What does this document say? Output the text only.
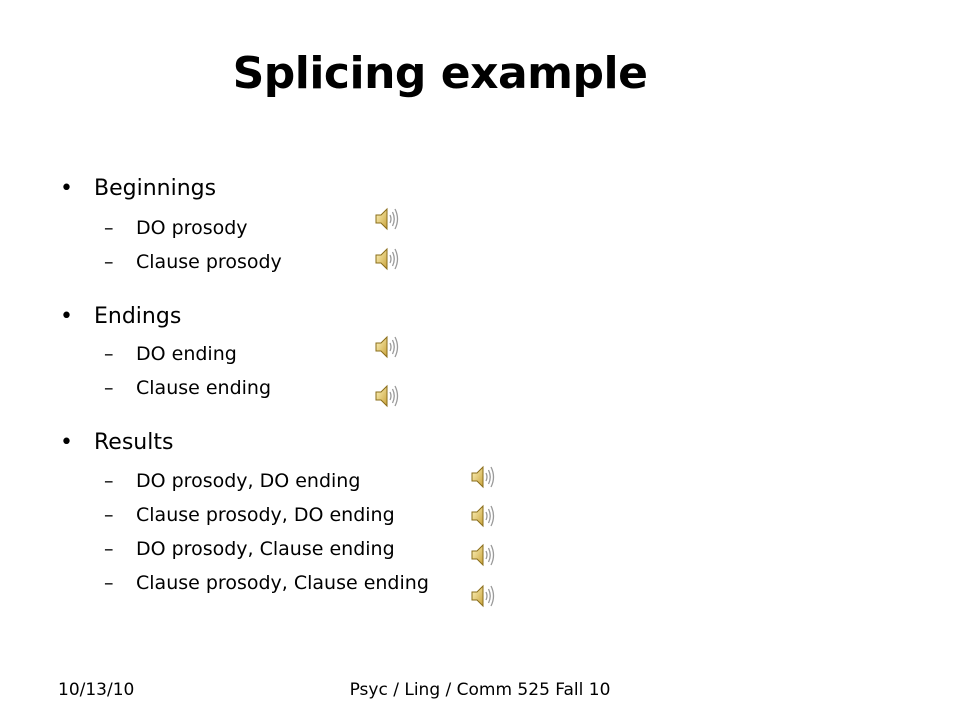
Splicing example
• Beginnings
– DO prosody
– Clause prosody
• Endings
– DO ending
– Clause ending
• Results
– DO prosody, DO ending
– Clause prosody, DO ending
– DO prosody, Clause ending
– Clause prosody, Clause ending
10/13/10	Psyc / Ling / Comm 525 Fall 10
